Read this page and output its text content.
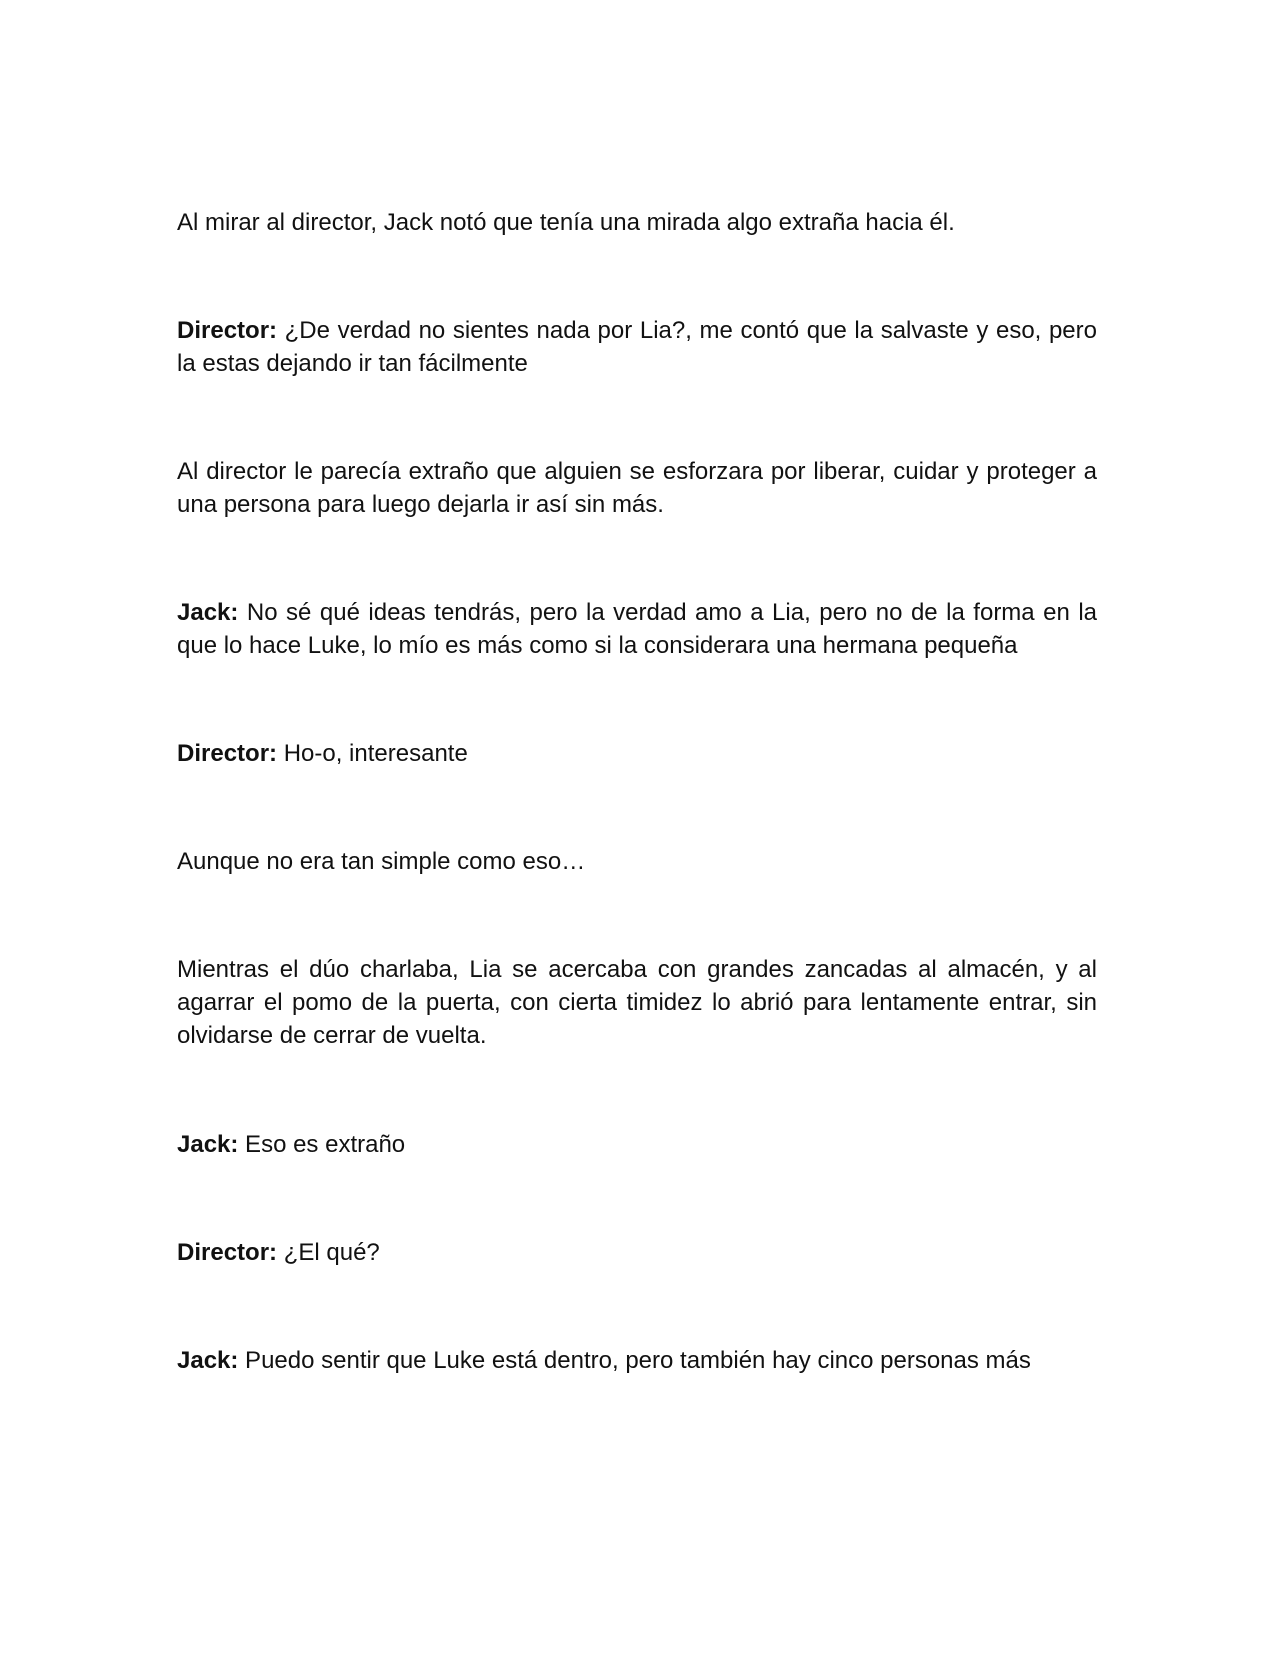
Al mirar al director, Jack notó que tenía una mirada algo extraña hacia él.

Director: ¿De verdad no sientes nada por Lia?, me contó que la salvaste y eso, pero la estas dejando ir tan fácilmente

Al director le parecía extraño que alguien se esforzara por liberar, cuidar y proteger a una persona para luego dejarla ir así sin más.

Jack: No sé qué ideas tendrás, pero la verdad amo a Lia, pero no de la forma en la que lo hace Luke, lo mío es más como si la considerara una hermana pequeña

Director: Ho-o, interesante

Aunque no era tan simple como eso…

Mientras el dúo charlaba, Lia se acercaba con grandes zancadas al almacén, y al agarrar el pomo de la puerta, con cierta timidez lo abrió para lentamente entrar, sin olvidarse de cerrar de vuelta.

Jack: Eso es extraño

Director: ¿El qué?

Jack: Puedo sentir que Luke está dentro, pero también hay cinco personas más
